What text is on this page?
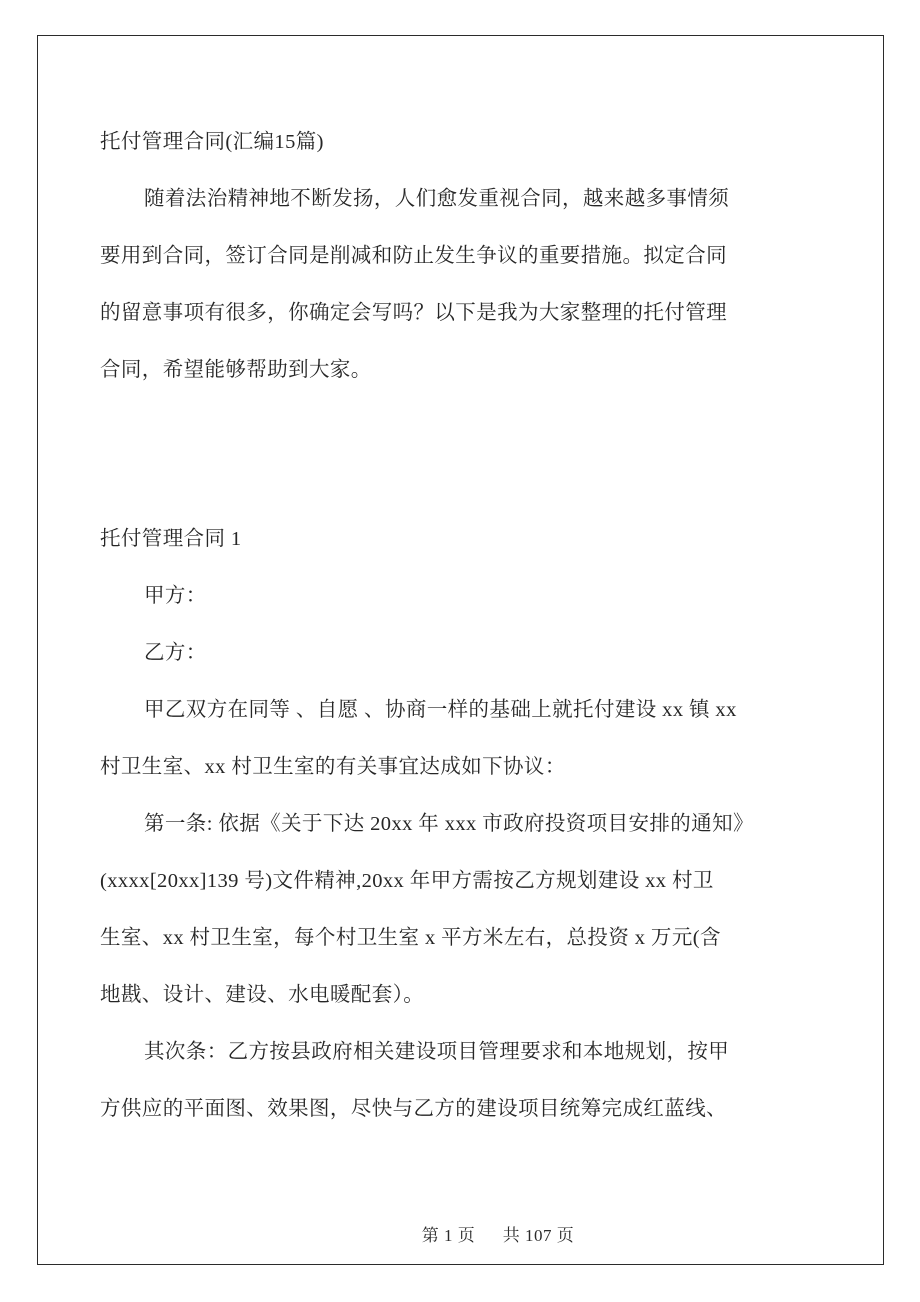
托付管理合同(汇编15篇)
随着法治精神地不断发扬，人们愈发重视合同，越来越多事情须
要用到合同，签订合同是削减和防止发生争议的重要措施。拟定合同
的留意事项有很多，你确定会写吗？以下是我为大家整理的托付管理
合同，希望能够帮助到大家。
托付管理合同 1
甲方：
乙方：
甲乙双方在同等 、自愿 、协商一样的基础上就托付建设 xx 镇 xx
村卫生室、xx 村卫生室的有关事宜达成如下协议：
第一条: 依据《关于下达 20xx 年 xxx 市政府投资项目安排的通知》
(xxxx[20xx]139 号)文件精神,20xx 年甲方需按乙方规划建设 xx 村卫
生室、xx 村卫生室，每个村卫生室 x 平方米左右，总投资 x 万元(含
地戡、设计、建设、水电暖配套）。
其次条：乙方按县政府相关建设项目管理要求和本地规划，按甲
方供应的平面图、效果图，尽快与乙方的建设项目统筹完成红蓝线、
第 1 页 共 107 页
